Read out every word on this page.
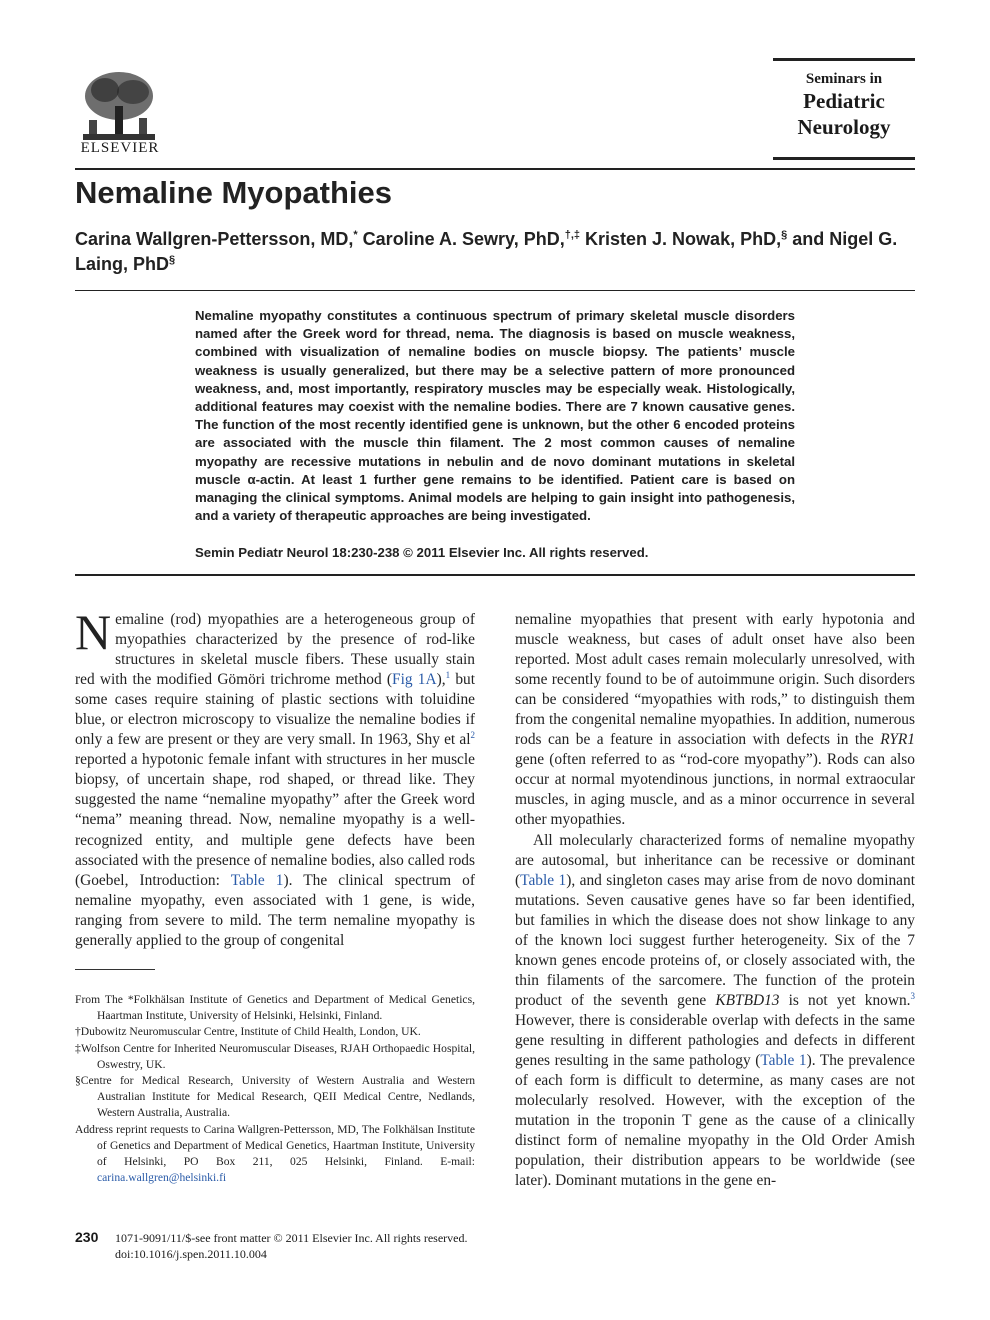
ELSEVIER
Seminars in
Pediatric
Neurology
Nemaline Myopathies
Carina Wallgren-Pettersson, MD,* Caroline A. Sewry, PhD,†,‡ Kristen J. Nowak, PhD,§ and Nigel G. Laing, PhD§
Nemaline myopathy constitutes a continuous spectrum of primary skeletal muscle disorders named after the Greek word for thread, nema. The diagnosis is based on muscle weakness, combined with visualization of nemaline bodies on muscle biopsy. The patients’ muscle weakness is usually generalized, but there may be a selective pattern of more pronounced weakness, and, most importantly, respiratory muscles may be especially weak. Histologically, additional features may coexist with the nemaline bodies. There are 7 known causative genes. The function of the most recently identified gene is unknown, but the other 6 encoded proteins are associated with the muscle thin filament. The 2 most common causes of nemaline myopathy are recessive mutations in nebulin and de novo dominant mutations in skeletal muscle α-actin. At least 1 further gene remains to be identified. Patient care is based on managing the clinical symptoms. Animal models are helping to gain insight into pathogenesis, and a variety of therapeutic approaches are being investigated.
Semin Pediatr Neurol 18:230-238 © 2011 Elsevier Inc. All rights reserved.

Nemaline (rod) myopathies are a heterogeneous group of myopathies characterized by the presence of rod-like structures in skeletal muscle fibers. These usually stain red with the modified Gömöri trichrome method (Fig 1A),$^1$ but some cases require staining of plastic sections with toluidine blue, or electron microscopy to visualize the nemaline bodies if only a few are present or they are very small. In 1963, Shy et $al^2$ reported a hypotonic female infant with structures in her muscle biopsy, of uncertain shape, rod shaped, or thread like. They suggested the name “nemaline myopathy” after the Greek word “nema” meaning thread. Now, nemaline myopathy is a well-recognized entity, and multiple gene defects have been associated with the presence of nemaline bodies, also called rods (Goebel, Introduction: Table 1). The clinical spectrum of nemaline myopathy, even associated with 1 gene, is wide, ranging from severe to mild. The term nemaline myopathy is generally applied to the group of congenital

From The *Folkhälsan Institute of Genetics and Department of Medical Genetics, Haartman Institute, University of Helsinki, Helsinki, Finland.

†Dubowitz Neuromuscular Centre, Institute of Child Health, London, UK.

‡Wolfson Centre for Inherited Neuromuscular Diseases, RJAH Orthopaedic Hospital, Oswestry, UK.

§Centre for Medical Research, University of Western Australia and Western Australian Institute for Medical Research, QEII Medical Centre, Nedlands, Western Australia, Australia.

Address reprint requests to Carina Wallgren-Pettersson, MD, The Folkhälsan Institute of Genetics and Department of Medical Genetics, Haartman Institute, University of Helsinki, PO Box 211, 025 Helsinki, Finland. E-mail: carina.wallgren@helsinki.fi

nemaline myopathies that present with early hypotonia and muscle weakness, but cases of adult onset have also been reported. Most adult cases remain molecularly unresolved, with some recently found to be of autoimmune origin. Such disorders can be considered “myopathies with rods,” to distinguish them from the congenital nemaline myopathies. In addition, numerous rods can be a feature in association with defects in the RYR1 gene (often referred to as “rod-core myopathy”). Rods can also occur at normal myotendinous junctions, in normal extraocular muscles, in aging muscle, and as a minor occurrence in several other myopathies.

All molecularly characterized forms of nemaline myopathy are autosomal, but inheritance can be recessive or dominant (Table 1), and singleton cases may arise from de novo dominant mutations. Seven causative genes have so far been identified, but families in which the disease does not show linkage to any of the known loci suggest further heterogeneity. Six of the 7 known genes encode proteins of, or closely associated with, the thin filaments of the sarcomere. The function of the protein product of the seventh gene KBTBD13 is not yet known.$^3$ However, there is considerable overlap with defects in the same gene resulting in different pathologies and defects in different genes resulting in the same pathology (Table 1). The prevalence of each form is difficult to determine, as many cases are not molecularly resolved. However, with the exception of the mutation in the troponin T gene as the cause of a clinically distinct form of nemaline myopathy in the Old Order Amish population, their distribution appears to be worldwide (see later). Dominant mutations in the gene en-

230 1071-9091/11/$-see front matter © 2011 Elsevier Inc. All rights reserved.
doi:10.1016/j.spen.2011.10.004
